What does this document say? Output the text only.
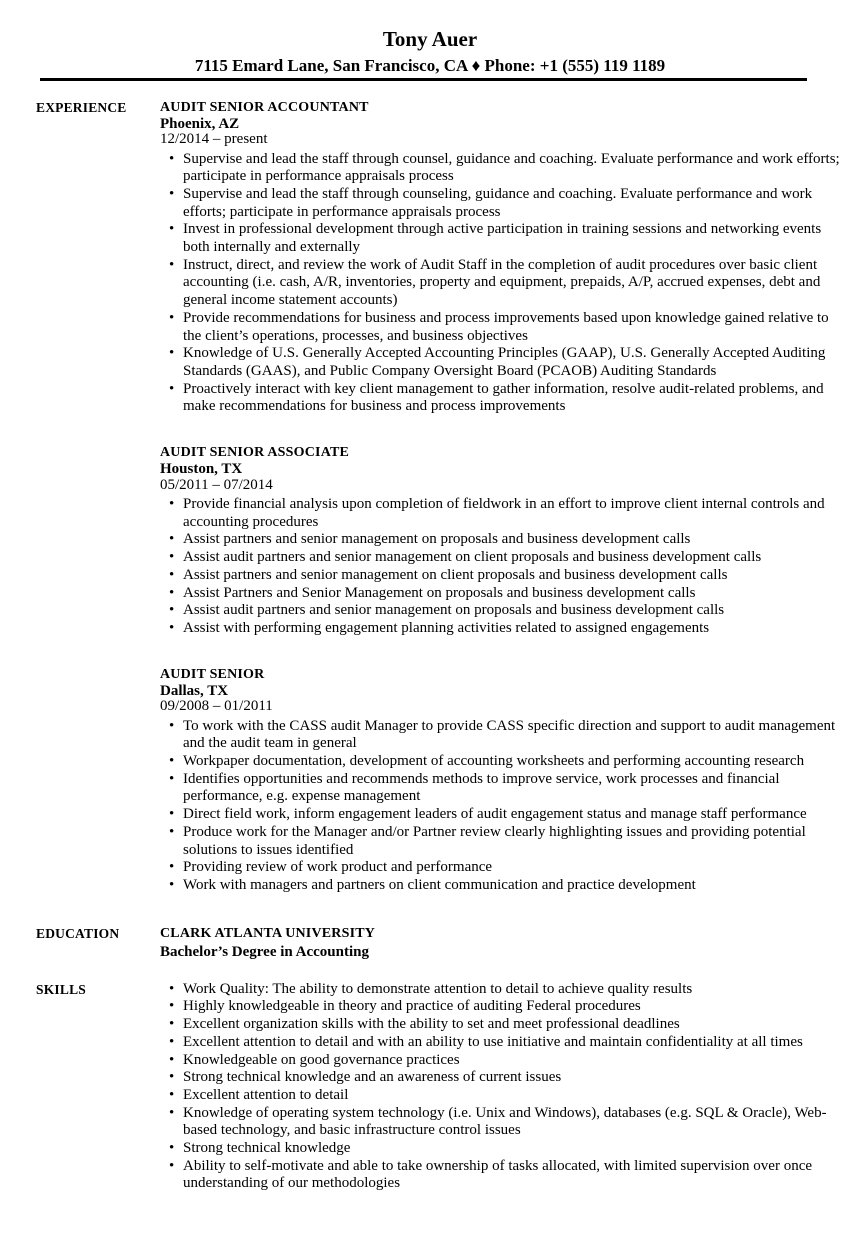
Tony Auer
7115 Emard Lane, San Francisco, CA ♦ Phone: +1 (555) 119 1189
EXPERIENCE	AUDIT SENIOR ACCOUNTANT
Phoenix, AZ
12/2014 – present
• Supervise and lead the staff through counsel, guidance and coaching. Evaluate performance and work efforts; participate in performance appraisals process
• Supervise and lead the staff through counseling, guidance and coaching. Evaluate performance and work efforts; participate in performance appraisals process
• Invest in professional development through active participation in training sessions and networking events both internally and externally
• Instruct, direct, and review the work of Audit Staff in the completion of audit procedures over basic client accounting (i.e. cash, A/R, inventories, property and equipment, prepaids, A/P, accrued expenses, debt and general income statement accounts)
• Provide recommendations for business and process improvements based upon knowledge gained relative to the client’s operations, processes, and business objectives
• Knowledge of U.S. Generally Accepted Accounting Principles (GAAP), U.S. Generally Accepted Auditing Standards (GAAS), and Public Company Oversight Board (PCAOB) Auditing Standards
• Proactively interact with key client management to gather information, resolve audit-related problems, and make recommendations for business and process improvements
AUDIT SENIOR ASSOCIATE
Houston, TX
05/2011 – 07/2014
• Provide financial analysis upon completion of fieldwork in an effort to improve client internal controls and accounting procedures
• Assist partners and senior management on proposals and business development calls
• Assist audit partners and senior management on client proposals and business development calls
• Assist partners and senior management on client proposals and business development calls
• Assist Partners and Senior Management on proposals and business development calls
• Assist audit partners and senior management on proposals and business development calls
• Assist with performing engagement planning activities related to assigned engagements
AUDIT SENIOR
Dallas, TX
09/2008 – 01/2011
• To work with the CASS audit Manager to provide CASS specific direction and support to audit management and the audit team in general
• Workpaper documentation, development of accounting worksheets and performing accounting research
• Identifies opportunities and recommends methods to improve service, work processes and financial performance, e.g. expense management
• Direct field work, inform engagement leaders of audit engagement status and manage staff performance
• Produce work for the Manager and/or Partner review clearly highlighting issues and providing potential solutions to issues identified
• Providing review of work product and performance
• Work with managers and partners on client communication and practice development
EDUCATION	CLARK ATLANTA UNIVERSITY
Bachelor’s Degree in Accounting
SKILLS	• Work Quality: The ability to demonstrate attention to detail to achieve quality results
• Highly knowledgeable in theory and practice of auditing Federal procedures
• Excellent organization skills with the ability to set and meet professional deadlines
• Excellent attention to detail and with an ability to use initiative and maintain confidentiality at all times
• Knowledgeable on good governance practices
• Strong technical knowledge and an awareness of current issues
• Excellent attention to detail
• Knowledge of operating system technology (i.e. Unix and Windows), databases (e.g. SQL & Oracle), Web-based technology, and basic infrastructure control issues
• Strong technical knowledge
• Ability to self-motivate and able to take ownership of tasks allocated, with limited supervision over once understanding of our methodologies
